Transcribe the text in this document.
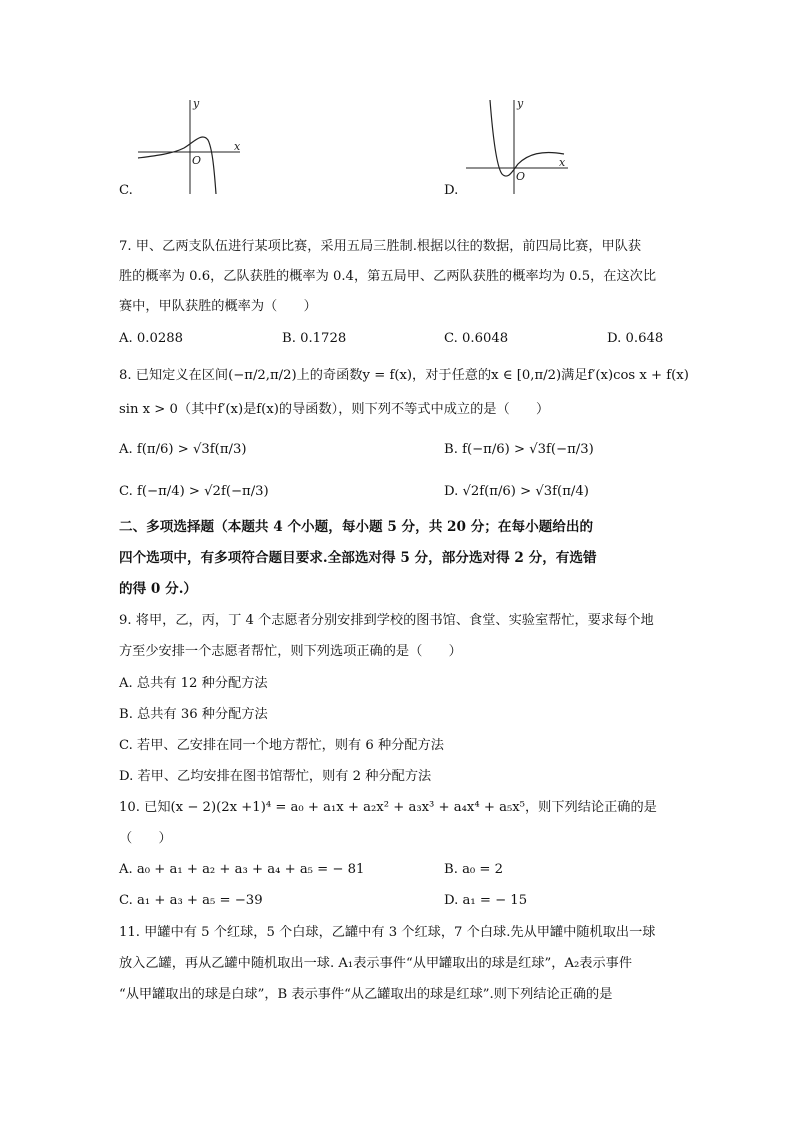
y
x
O
C.
y
x
O
D.
7. 甲、乙两支队伍进行某项比赛，采用五局三胜制.根据以往的数据，前四局比赛，甲队获
胜的概率为 0.6，乙队获胜的概率为 0.4，第五局甲、乙两队获胜的概率均为 0.5，在这次比
赛中，甲队获胜的概率为（　　）
A. 0.0288	B. 0.1728	C. 0.6048	D. 0.648
8. 已知定义在区间(−π/2,π/2)上的奇函数y = f(x)，对于任意的x ∈ [0,π/2)满足f′(x)cos x + f(x)
sin x > 0（其中f′(x)是f(x)的导函数），则下列不等式中成立的是（　　）
A. f(π/6) > √3f(π/3)	B. f(−π/6) > √3f(−π/3)
C. f(−π/4) > √2f(−π/3)	D. √2f(π/6) > √3f(π/4)
二、多项选择题（本题共 4 个小题，每小题 5 分，共 20 分；在每小题给出的
四个选项中，有多项符合题目要求.全部选对得 5 分，部分选对得 2 分，有选错
的得 0 分.）
9. 将甲，乙，丙，丁 4 个志愿者分别安排到学校的图书馆、食堂、实验室帮忙，要求每个地
方至少安排一个志愿者帮忙，则下列选项正确的是（　　）
A. 总共有 12 种分配方法
B. 总共有 36 种分配方法
C. 若甲、乙安排在同一个地方帮忙，则有 6 种分配方法
D. 若甲、乙均安排在图书馆帮忙，则有 2 种分配方法
10. 已知(x − 2)(2x +1)⁴ = a₀ + a₁x + a₂x² + a₃x³ + a₄x⁴ + a₅x⁵，则下列结论正确的是
（　　）
A. a₀ + a₁ + a₂ + a₃ + a₄ + a₅ = − 81	B. a₀ = 2
C. a₁ + a₃ + a₅ = −39	D. a₁ = − 15
11. 甲罐中有 5 个红球，5 个白球，乙罐中有 3 个红球，7 个白球.先从甲罐中随机取出一球
放入乙罐，再从乙罐中随机取出一球. A₁表示事件“从甲罐取出的球是红球”，A₂表示事件
“从甲罐取出的球是白球”，B 表示事件“从乙罐取出的球是红球”.则下列结论正确的是
